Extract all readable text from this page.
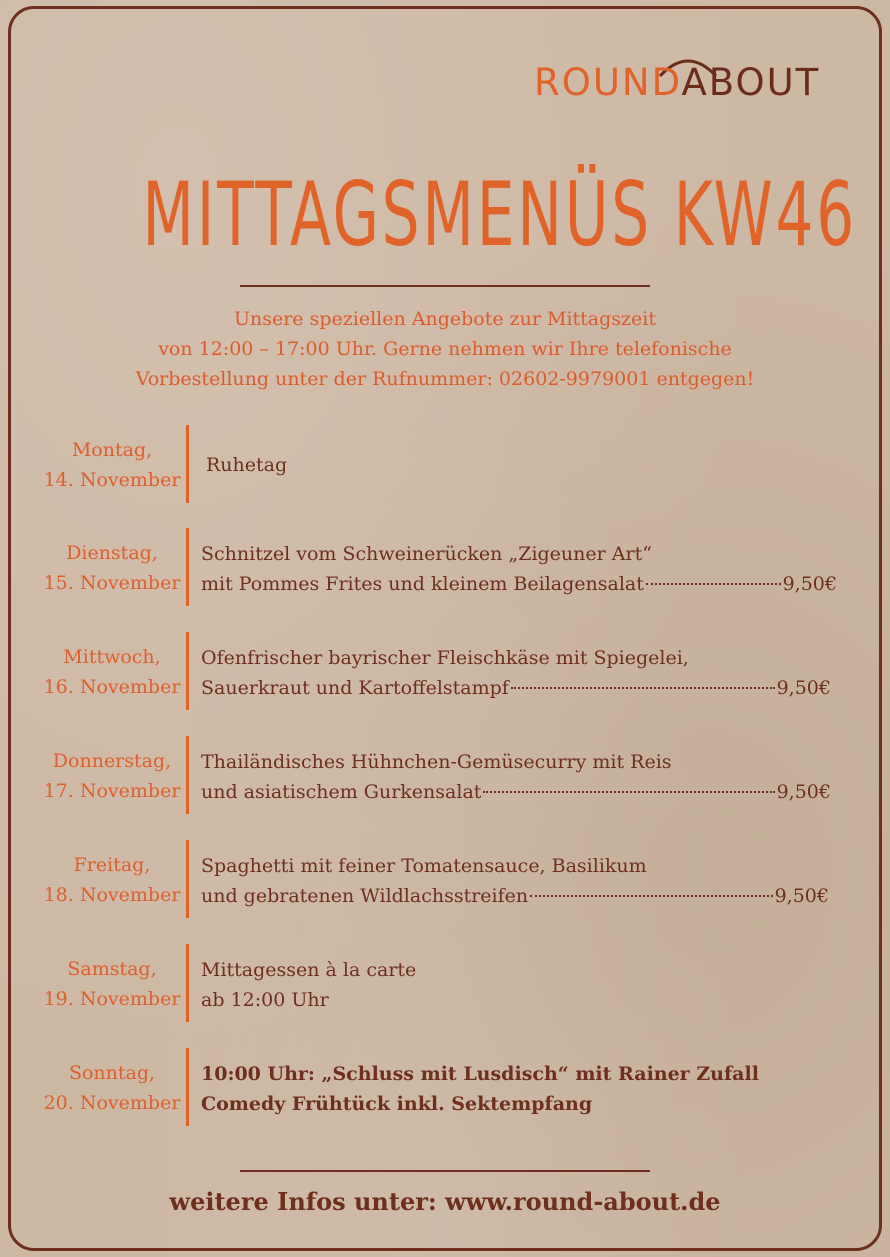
ROUNDABOUT
MITTAGSMENÜS KW46
Unsere speziellen Angebote zur Mittagszeit
von 12:00 – 17:00 Uhr. Gerne nehmen wir Ihre telefonische
Vorbestellung unter der Rufnummer: 02602-9979001 entgegen!
Montag,
14. November
Ruhetag
Dienstag,
15. November
Schnitzel vom Schweinerücken „Zigeuner Art“
mit Pommes Frites und kleinem Beilagensalat	9,50€
Mittwoch,
16. November
Ofenfrischer bayrischer Fleischkäse mit Spiegelei,
Sauerkraut und Kartoffelstampf	9,50€
Donnerstag,
17. November
Thailändisches Hühnchen-Gemüsecurry mit Reis
und asiatischem Gurkensalat	9,50€
Freitag,
18. November
Spaghetti mit feiner Tomatensauce, Basilikum
und gebratenen Wildlachsstreifen	9,50€
Samstag,
19. November
Mittagessen à la carte
ab 12:00 Uhr
Sonntag,
20. November
10:00 Uhr: „Schluss mit Lusdisch“ mit Rainer Zufall
Comedy Frühtück inkl. Sektempfang
weitere Infos unter: www.round-about.de
